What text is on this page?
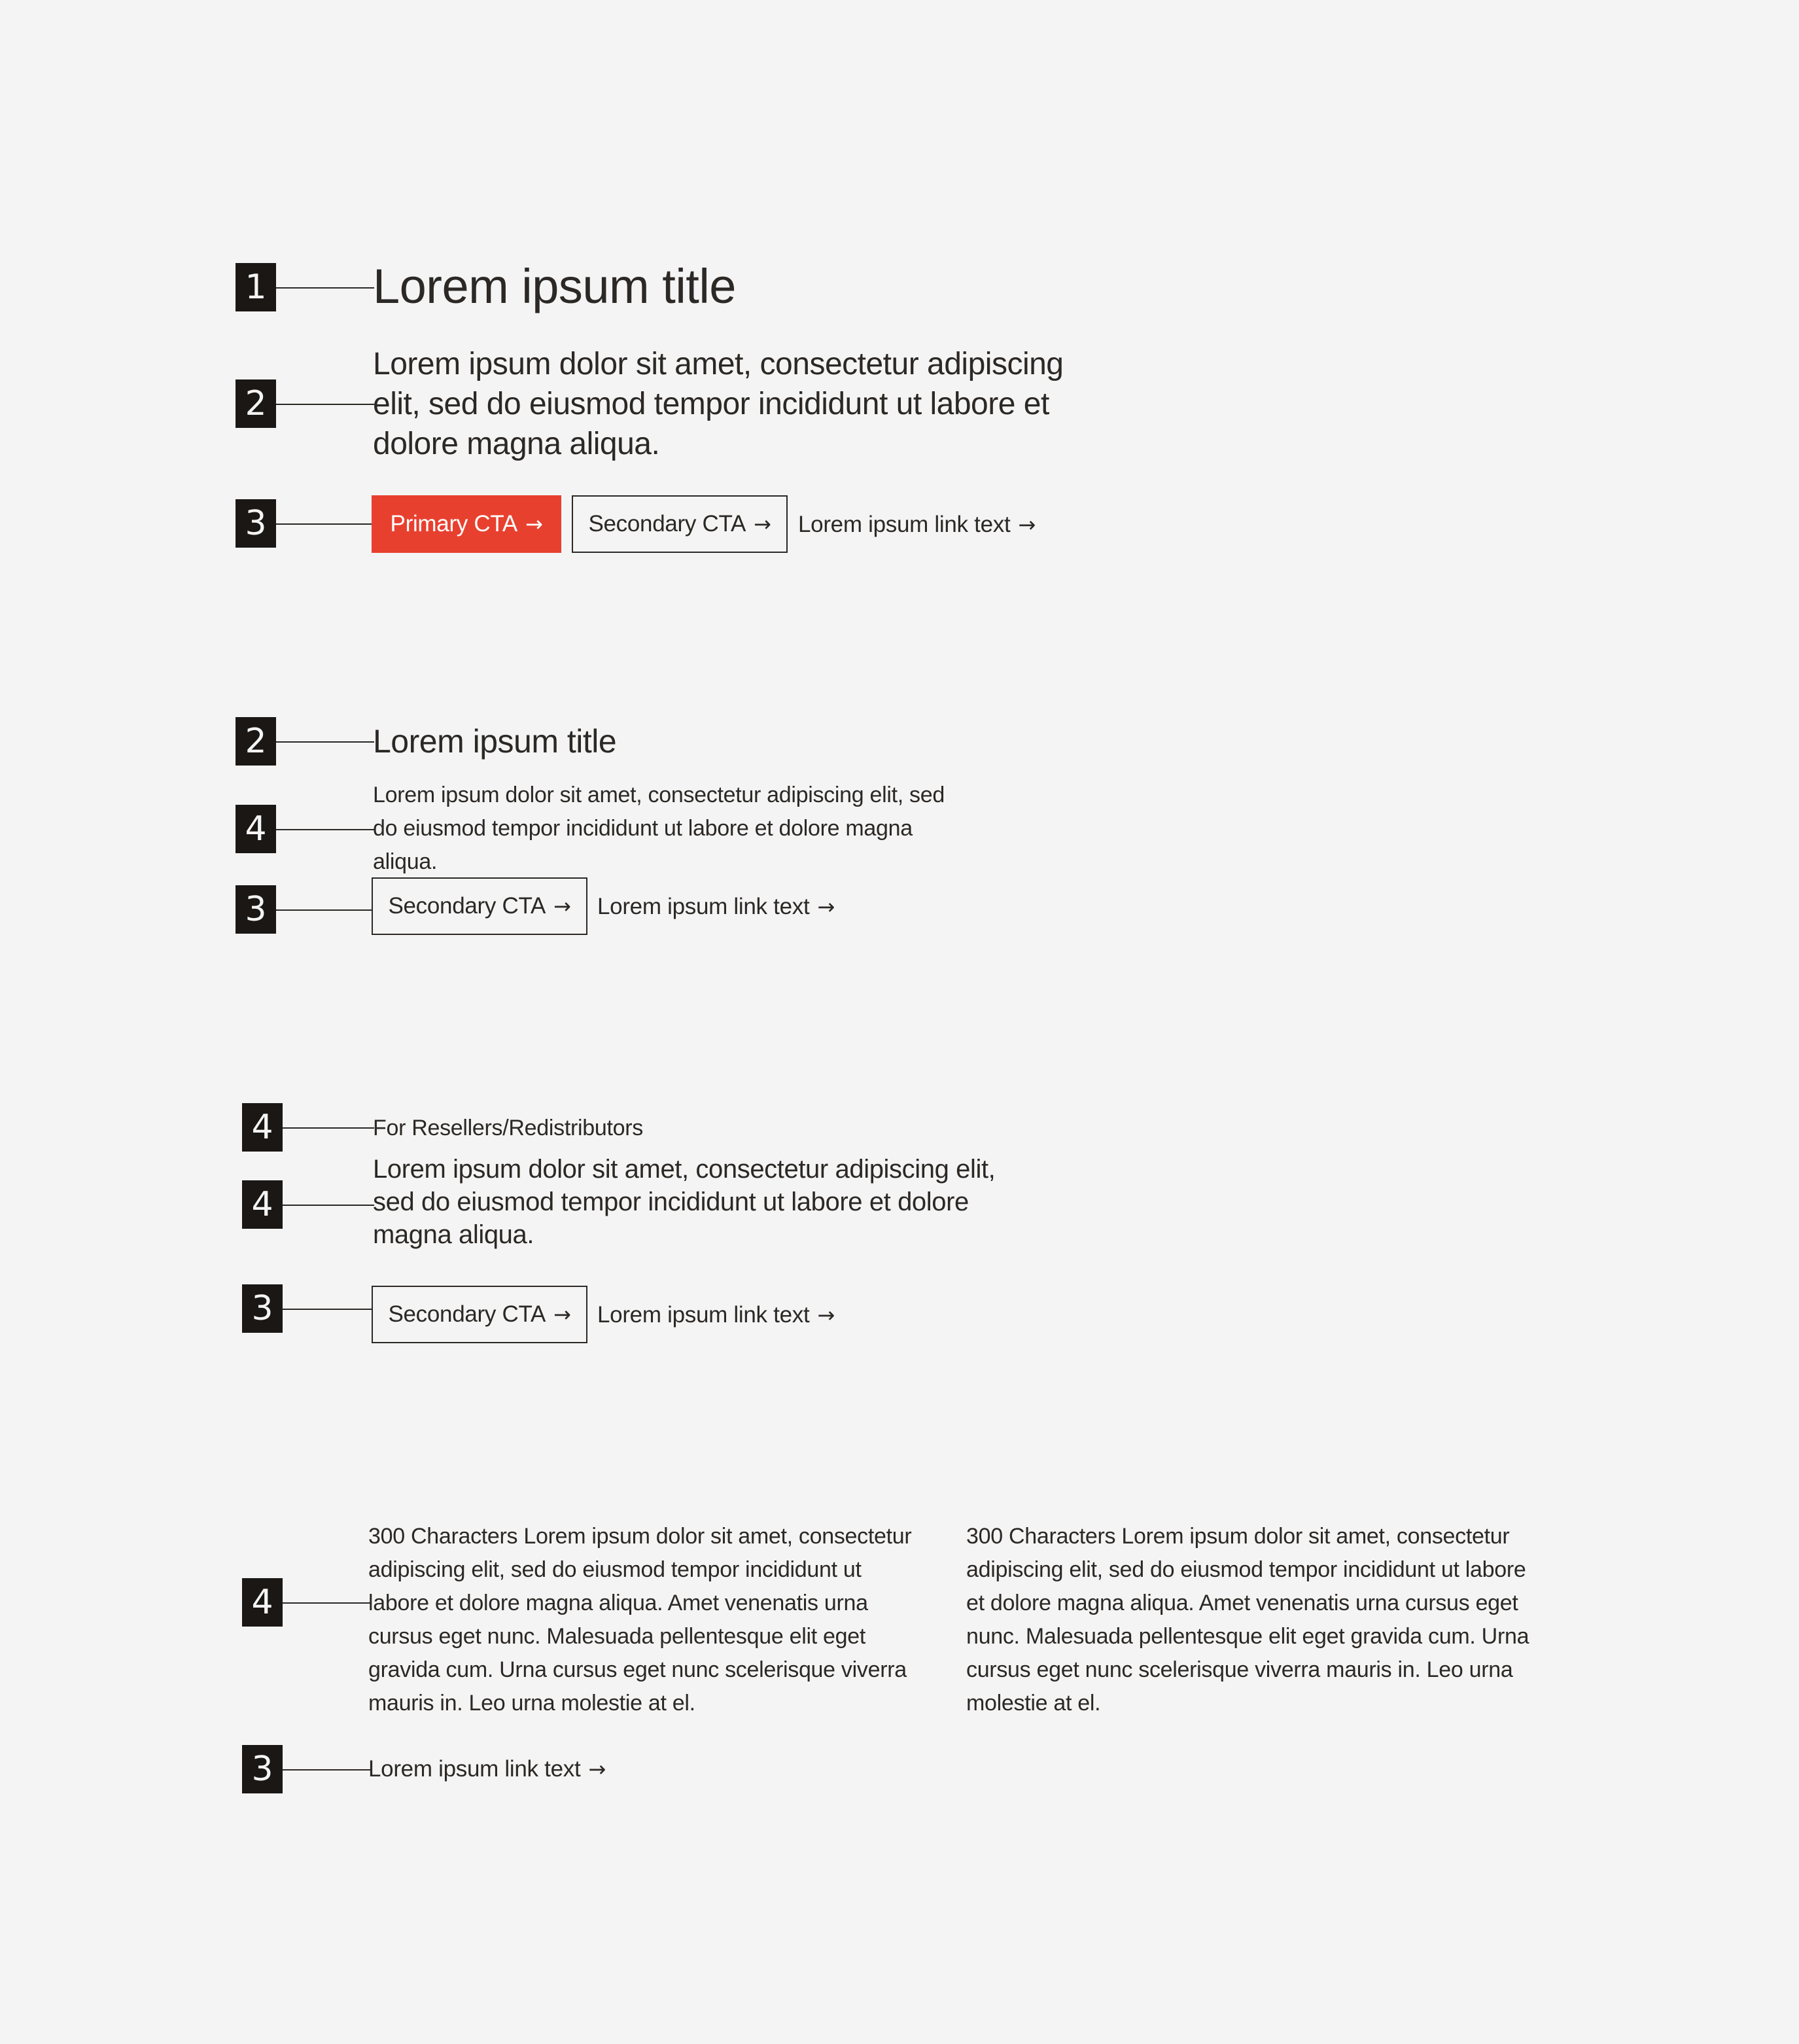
1 Lorem ipsum title
2
Lorem ipsum dolor sit amet, consectetur adipiscing elit, sed do eiusmod tempor incididunt ut labore et dolore magna aliqua.
3	Primary CTA → Secondary CTA → Lorem ipsum link text →
2	Lorem ipsum title
4
Lorem ipsum dolor sit amet, consectetur adipiscing elit, sed do eiusmod tempor incididunt ut labore et dolore magna aliqua.
3	Secondary CTA → Lorem ipsum link text →
4	For Resellers/Redistributors
4
Lorem ipsum dolor sit amet, consectetur adipiscing elit, sed do eiusmod tempor incididunt ut labore et dolore magna aliqua.
3	Secondary CTA → Lorem ipsum link text →
4
300 Characters Lorem ipsum dolor sit amet, consectetur adipiscing elit, sed do eiusmod tempor incididunt ut labore et dolore magna aliqua. Amet venenatis urna cursus eget nunc. Malesuada pellentesque elit eget gravida cum. Urna cursus eget nunc scelerisque viverra mauris in. Leo urna molestie at el.
300 Characters Lorem ipsum dolor sit amet, consectetur adipiscing elit, sed do eiusmod tempor incididunt ut labore et dolore magna aliqua. Amet venenatis urna cursus eget nunc. Malesuada pellentesque elit eget gravida cum. Urna cursus eget nunc scelerisque viverra mauris in. Leo urna molestie at el.
3	Lorem ipsum link text →
